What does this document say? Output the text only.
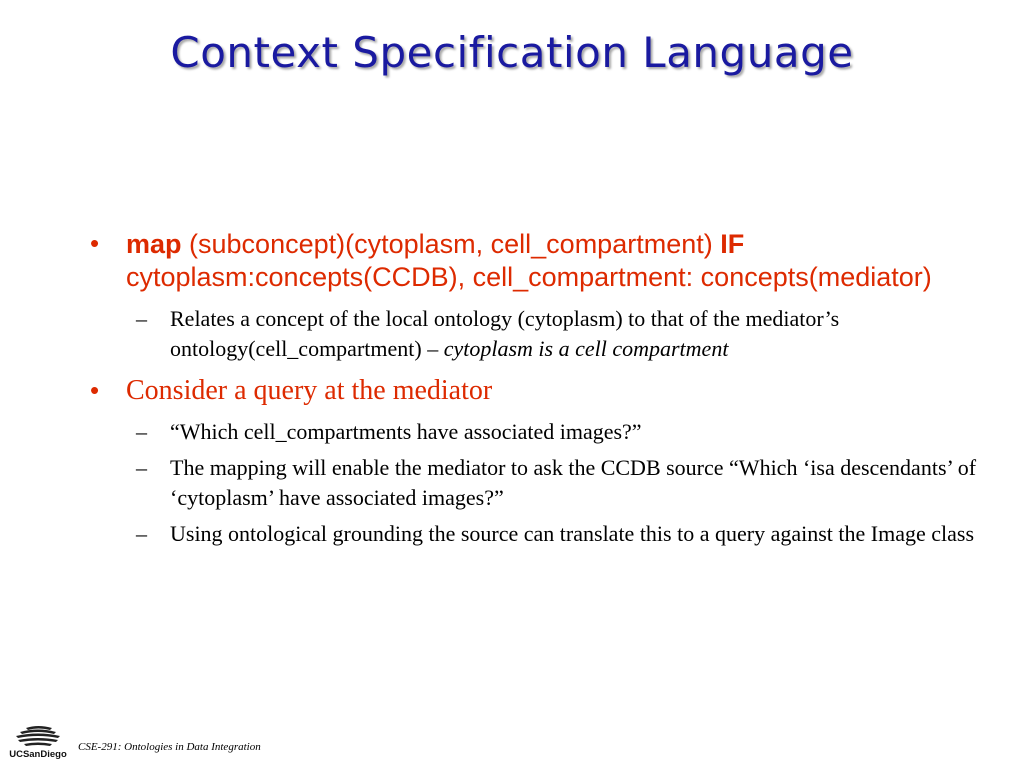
Context Specification Language
• map (subconcept)(cytoplasm, cell_compartment) IF cytoplasm:concepts(CCDB), cell_compartment: concepts(mediator)
– Relates a concept of the local ontology (cytoplasm) to that of the mediator’s ontology(cell_compartment) – cytoplasm is a cell compartment
• Consider a query at the mediator
– “Which cell_compartments have associated images?”
– The mapping will enable the mediator to ask the CCDB source “Which ‘isa descendants’ of ‘cytoplasm’ have associated images?”
– Using ontological grounding the source can translate this to a query against the Image class
UCSanDiego
CSE-291: Ontologies in Data Integration
